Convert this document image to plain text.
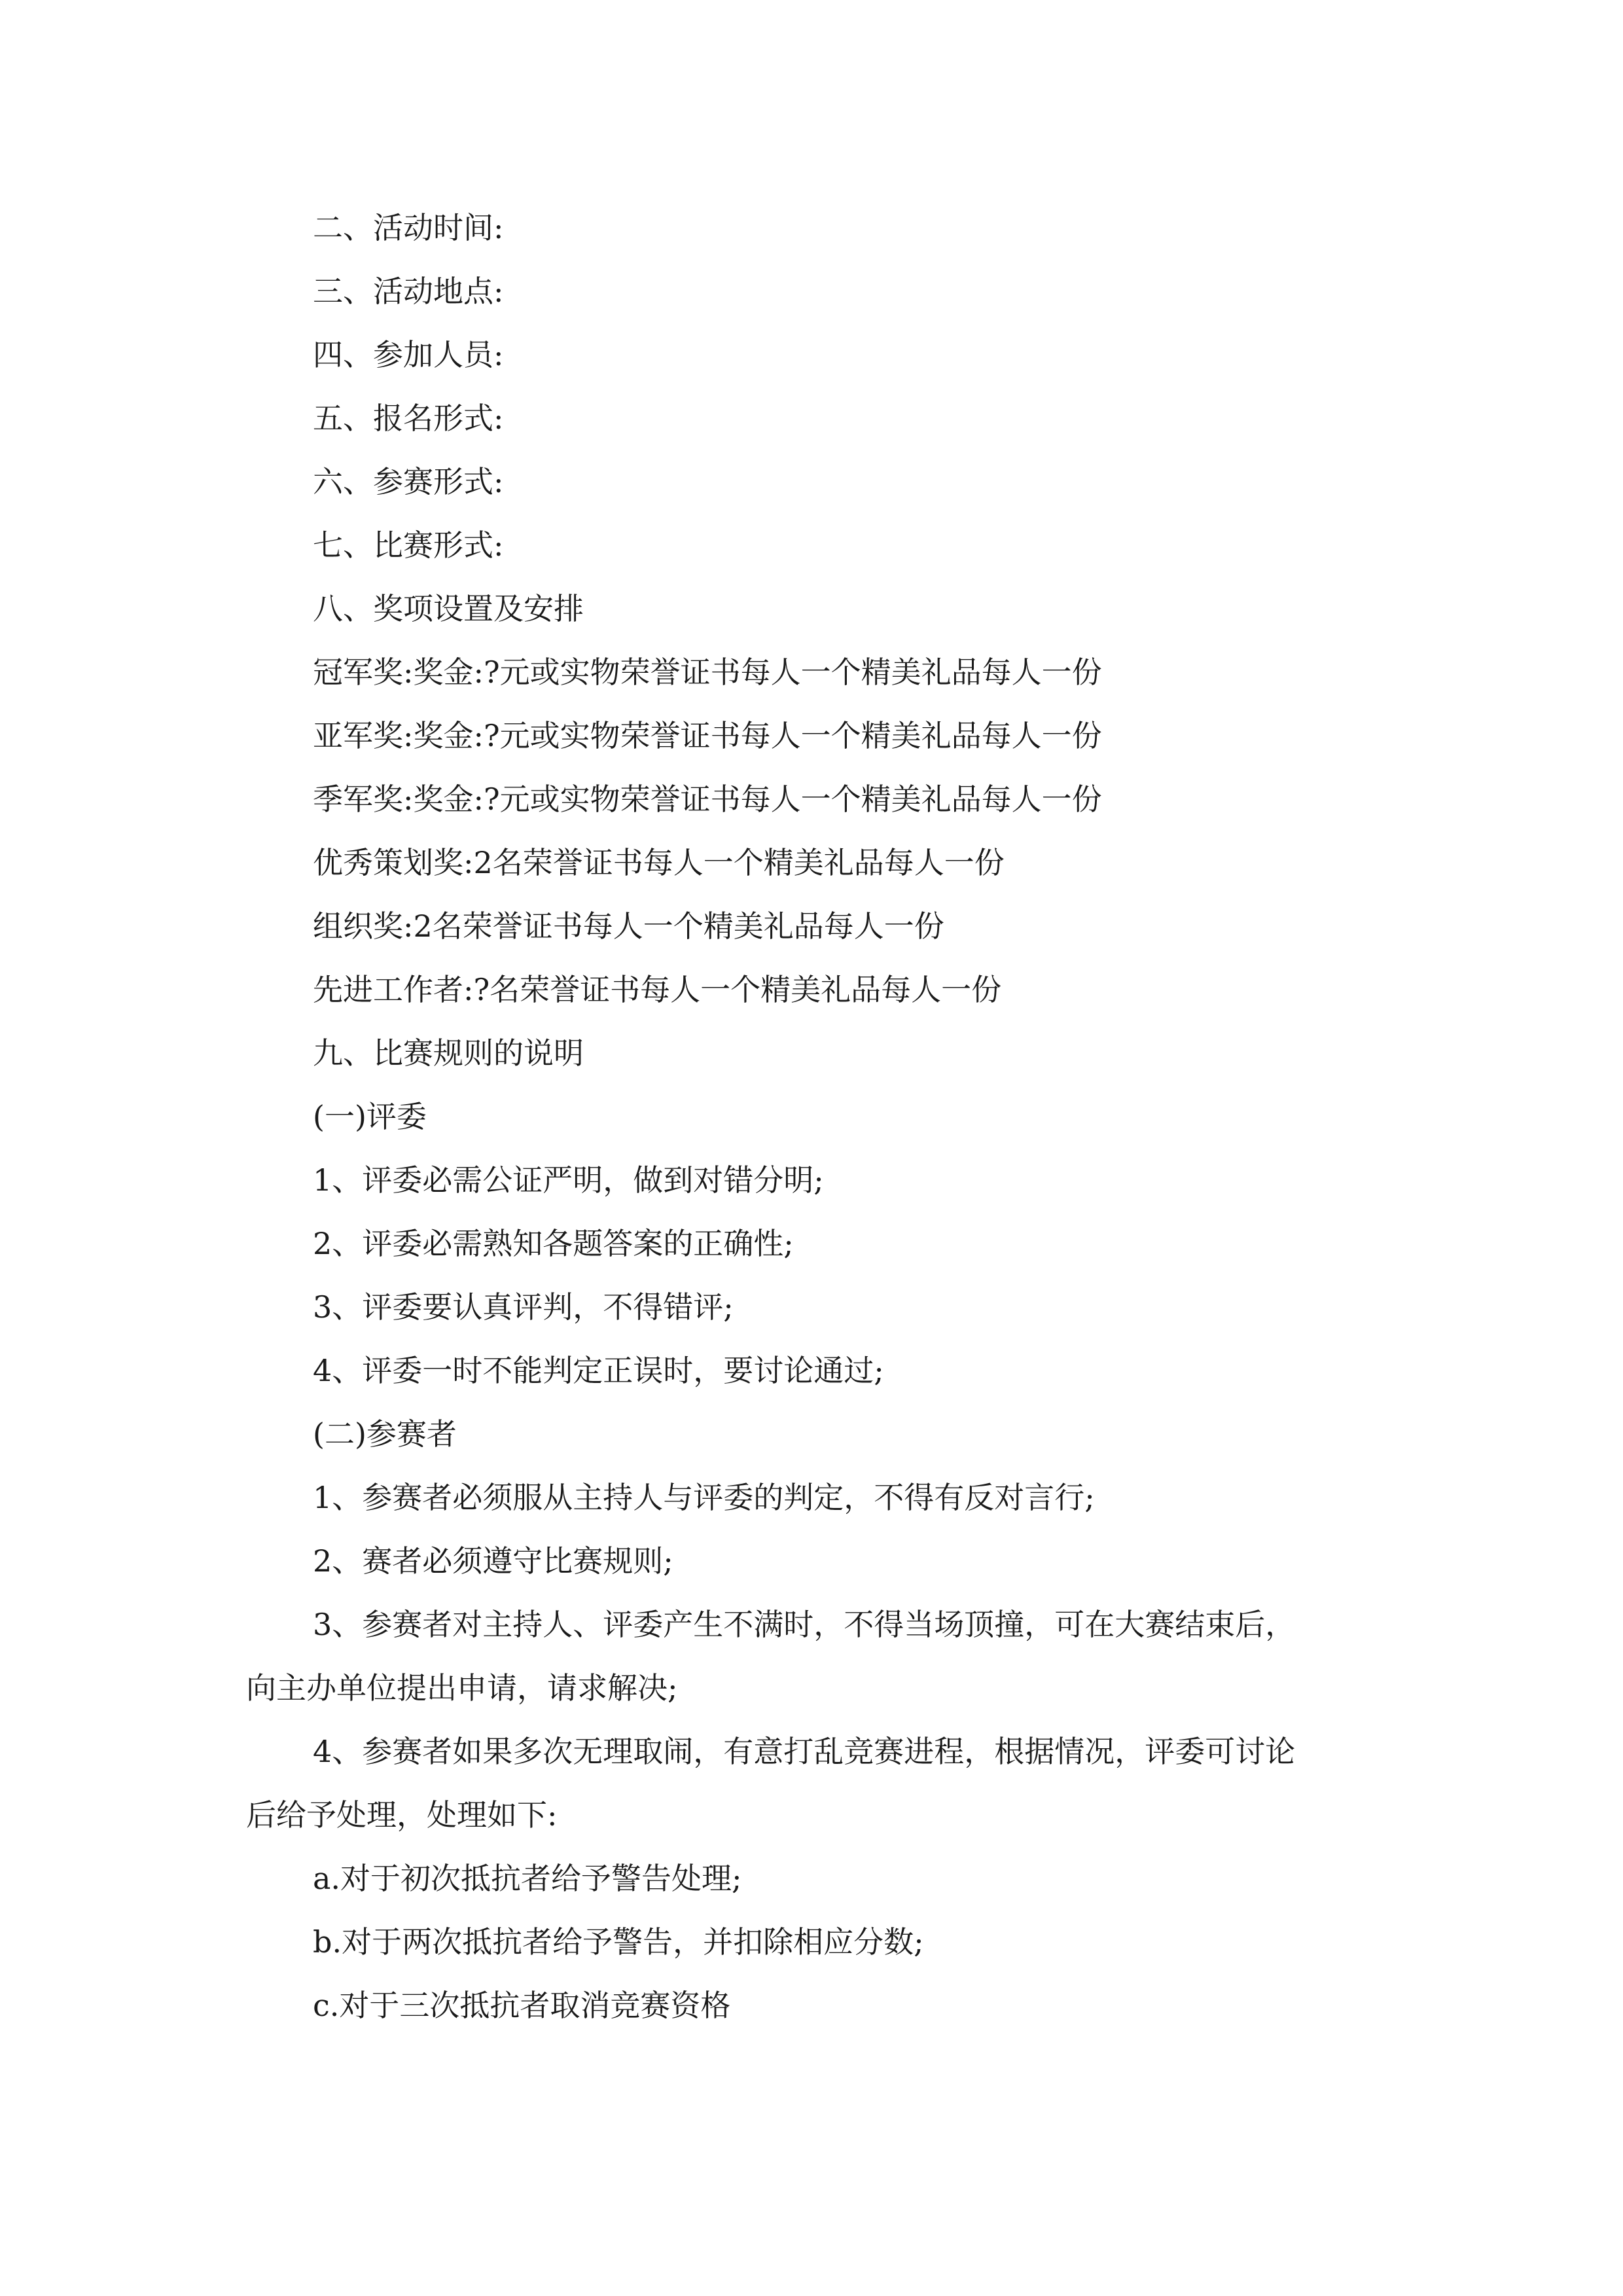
二、活动时间:

三、活动地点:

四、参加人员:

五、报名形式:

六、参赛形式:

七、比赛形式:

八、奖项设置及安排

冠军奖:奖金:?元或实物荣誉证书每人一个精美礼品每人一份

亚军奖:奖金:?元或实物荣誉证书每人一个精美礼品每人一份

季军奖:奖金:?元或实物荣誉证书每人一个精美礼品每人一份

优秀策划奖:2名荣誉证书每人一个精美礼品每人一份

组织奖:2名荣誉证书每人一个精美礼品每人一份

先进工作者:?名荣誉证书每人一个精美礼品每人一份

九、比赛规则的说明

(一)评委

1、评委必需公证严明，做到对错分明;

2、评委必需熟知各题答案的正确性;

3、评委要认真评判，不得错评;

4、评委一时不能判定正误时，要讨论通过;

(二)参赛者

1、参赛者必须服从主持人与评委的判定，不得有反对言行;

2、赛者必须遵守比赛规则;

3、参赛者对主持人、评委产生不满时，不得当场顶撞，可在大赛结束后，

向主办单位提出申请，请求解决;

4、参赛者如果多次无理取闹，有意打乱竞赛进程，根据情况，评委可讨论

后给予处理，处理如下:

a.对于初次抵抗者给予警告处理;

b.对于两次抵抗者给予警告，并扣除相应分数;

c.对于三次抵抗者取消竞赛资格
